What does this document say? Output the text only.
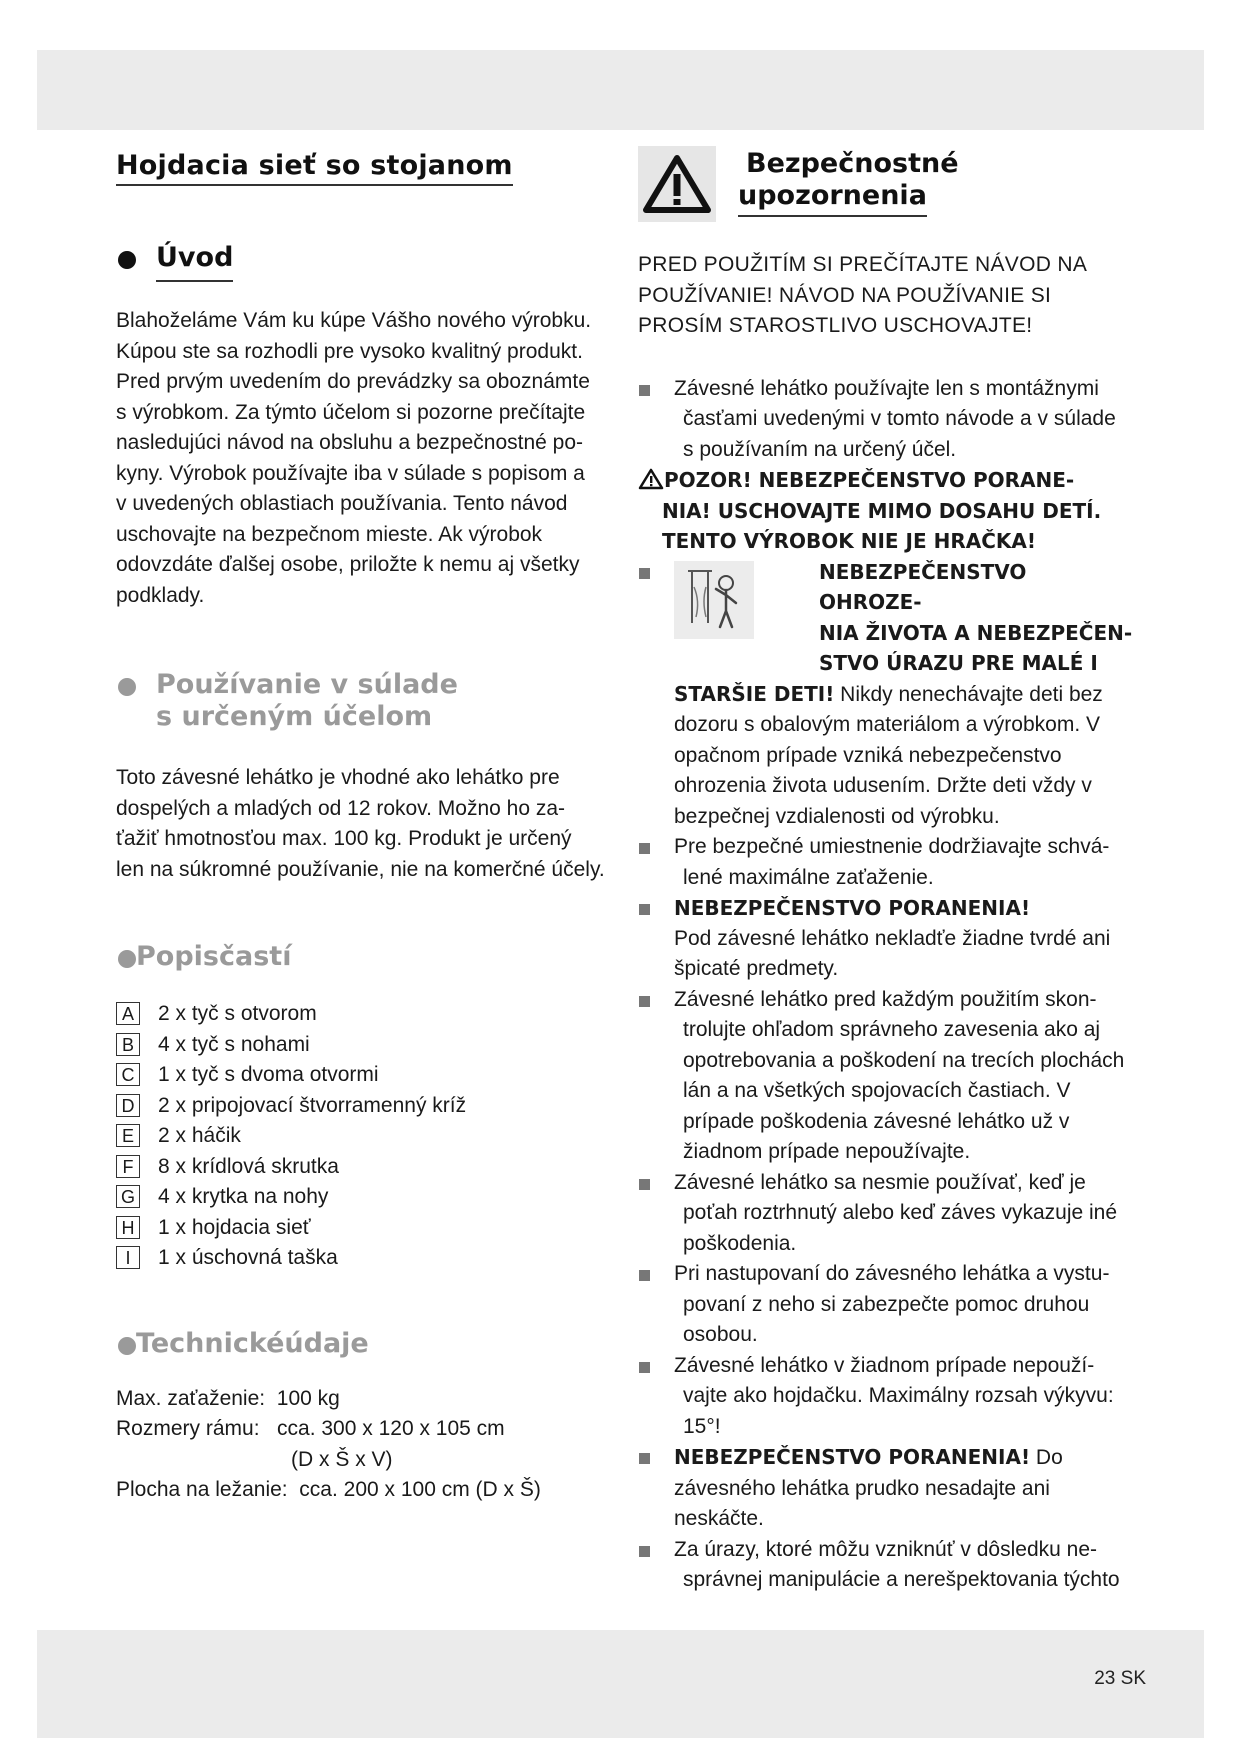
Hojdacia sieť so stojanom
Úvod
Blahoželáme Vám ku kúpe Vášho nového výrobku.
Kúpou ste sa rozhodli pre vysoko kvalitný produkt.
Pred prvým uvedením do prevádzky sa oboznámte
s výrobkom. Za týmto účelom si pozorne prečítajte
nasledujúci návod na obsluhu a bezpečnostné po-
kyny. Výrobok používajte iba v súlade s popisom a
v uvedených oblastiach používania. Tento návod
uschovajte na bezpečnom mieste. Ak výrobok
odovzdáte ďalšej osobe, priložte k nemu aj všetky
podklady.
Používanie v súlade
s určeným účelom
Toto závesné lehátko je vhodné ako lehátko pre
dospelých a mladých od 12 rokov. Možno ho za-
ťažiť hmotnosťou max. 100 kg. Produkt je určený
len na súkromné používanie, nie na komerčné účely.
Popisčastí
A 2 x tyč s otvorom
B 4 x tyč s nohami
C 1 x tyč s dvoma otvormi
D 2 x pripojovací štvorramenný kríž
E 2 x háčik
F	8 x krídlová skrutka
G 4 x krytka na nohy
H 1 x hojdacia sieť
I	1 x úschovná taška
Technickéúdaje
Max. zaťaženie:  100 kg
Rozmery rámu:   cca. 300 x 120 x 105 cm
(D x Š x V)
Plocha na ležanie:  cca. 200 x 100 cm (D x Š)
Bezpečnostné
upozornenia
PRED POUŽITÍM SI PREČÍTAJTE NÁVOD NA
POUŽÍVANIE! NÁVOD NA POUŽÍVANIE SI
PROSÍM STAROSTLIVO USCHOVAJTE!
Závesné lehátko používajte len s montážnymi
časťami uvedenými v tomto návode a v súlade
s používaním na určený účel.
POZOR! NEBEZPEČENSTVO PORANE-
NIA! USCHOVAJTE MIMO DOSAHU DETÍ.
TENTO VÝROBOK NIE JE HRAČKA!
NEBEZPEČENSTVO OHROZE-
NIA ŽIVOTA A NEBEZPEČEN-
STVO ÚRAZU PRE MALÉ I
STARŠIE DETI! Nikdy nenechávajte deti bez
dozoru s obalovým materiálom a výrobkom. V
opačnom prípade vzniká nebezpečenstvo
ohrozenia života udusením. Držte deti vždy v
bezpečnej vzdialenosti od výrobku.
Pre bezpečné umiestnenie dodržiavajte schvá-
lené maximálne zaťaženie.
NEBEZPEČENSTVO PORANENIA!
Pod závesné lehátko nekladťe žiadne tvrdé ani
špicaté predmety.
Závesné lehátko pred každým použitím skon-
trolujte ohľadom správneho zavesenia ako aj
opotrebovania a poškodení na trecích plochách
lán a na všetkých spojovacích častiach. V
prípade poškodenia závesné lehátko už v
žiadnom prípade nepoužívajte.
Závesné lehátko sa nesmie používať, keď je
poťah roztrhnutý alebo keď záves vykazuje iné
poškodenia.
Pri nastupovaní do závesného lehátka a vystu-
povaní z neho si zabezpečte pomoc druhou
osobou.
Závesné lehátko v žiadnom prípade nepouží-
vajte ako hojdačku. Maximálny rozsah výkyvu:
15°!
NEBEZPEČENSTVO PORANENIA! Do
závesného lehátka prudko nesadajte ani
neskáčte.
Za úrazy, ktoré môžu vzniknúť v dôsledku ne-
správnej manipulácie a nerešpektovania týchto
23 SK
